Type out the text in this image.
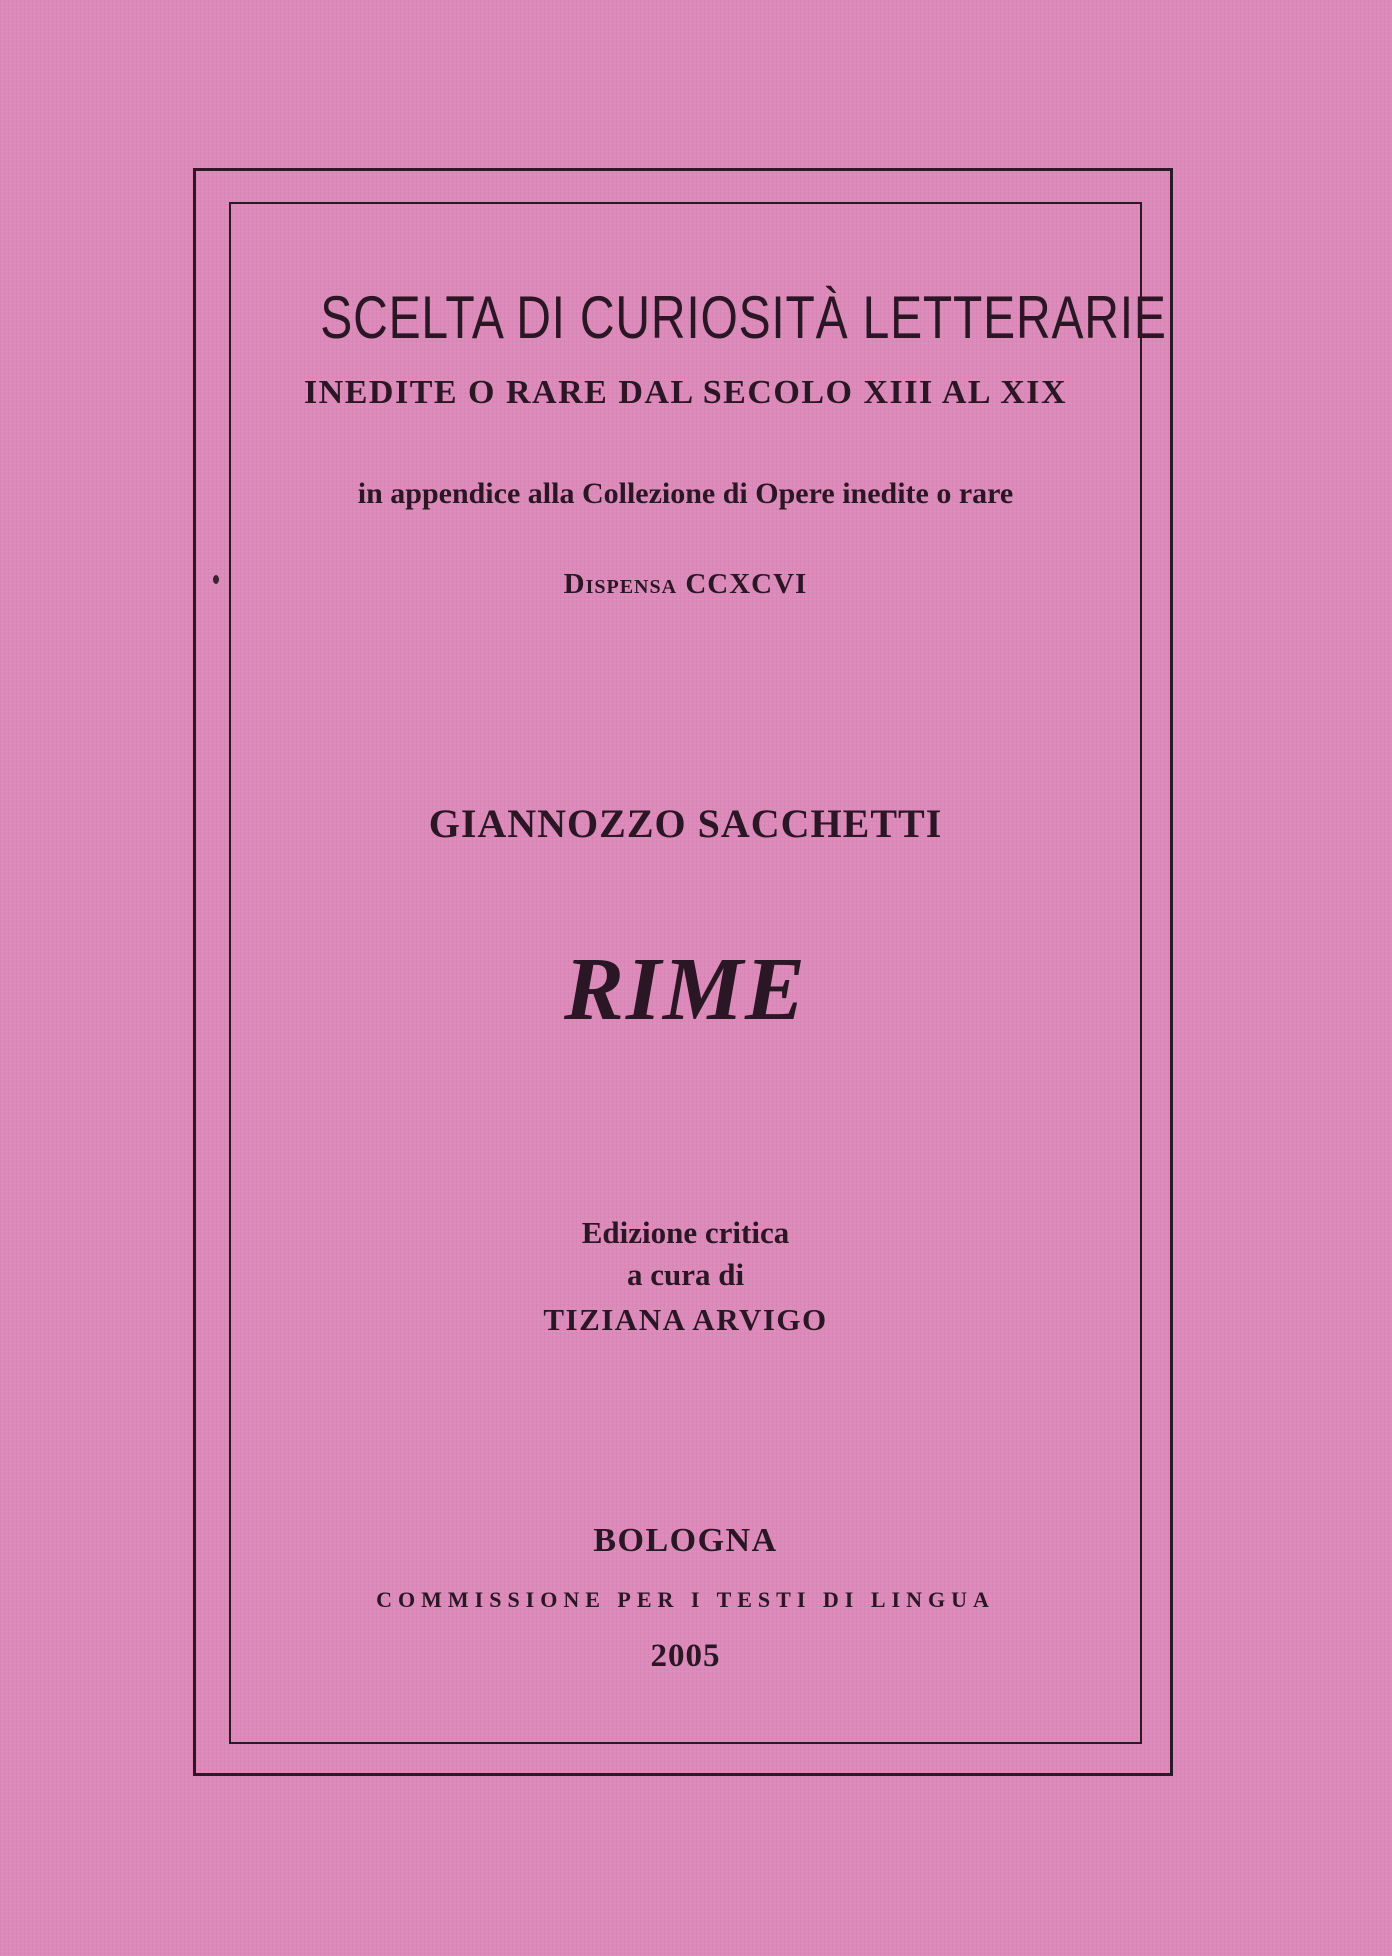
SCELTA DI CURIOSITÀ LETTERARIE

INEDITE O RARE DAL SECOLO XIII AL XIX

in appendice alla Collezione di Opere inedite o rare

Dispensa CCXCVI

GIANNOZZO SACCHETTI

RIME

Edizione critica

a cura di

TIZIANA ARVIGO

BOLOGNA

COMMISSIONE PER I TESTI DI LINGUA

2005
